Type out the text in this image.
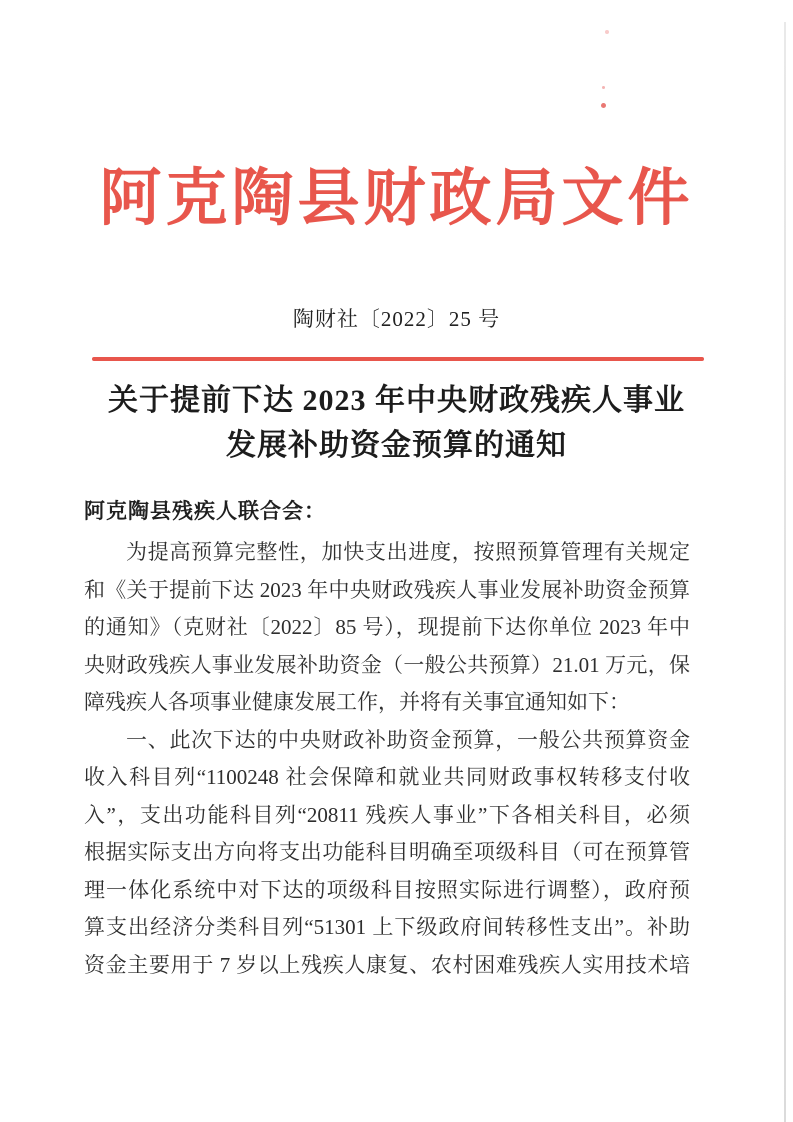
阿克陶县财政局文件
陶财社〔2022〕25 号
关于提前下达 2023 年中央财政残疾人事业
发展补助资金预算的通知
阿克陶县残疾人联合会：
为提高预算完整性，加快支出进度，按照预算管理有关规定
和《关于提前下达 2023 年中央财政残疾人事业发展补助资金预算
的通知》（克财社〔2022〕85 号），现提前下达你单位 2023 年中
央财政残疾人事业发展补助资金（一般公共预算）21.01 万元，保
障残疾人各项事业健康发展工作，并将有关事宜通知如下：
一、此次下达的中央财政补助资金预算，一般公共预算资金
收入科目列“1100248 社会保障和就业共同财政事权转移支付收
入”，支出功能科目列“20811 残疾人事业”下各相关科目，必须
根据实际支出方向将支出功能科目明确至项级科目（可在预算管
理一体化系统中对下达的项级科目按照实际进行调整），政府预
算支出经济分类科目列“51301 上下级政府间转移性支出”。补助
资金主要用于 7 岁以上残疾人康复、农村困难残疾人实用技术培
